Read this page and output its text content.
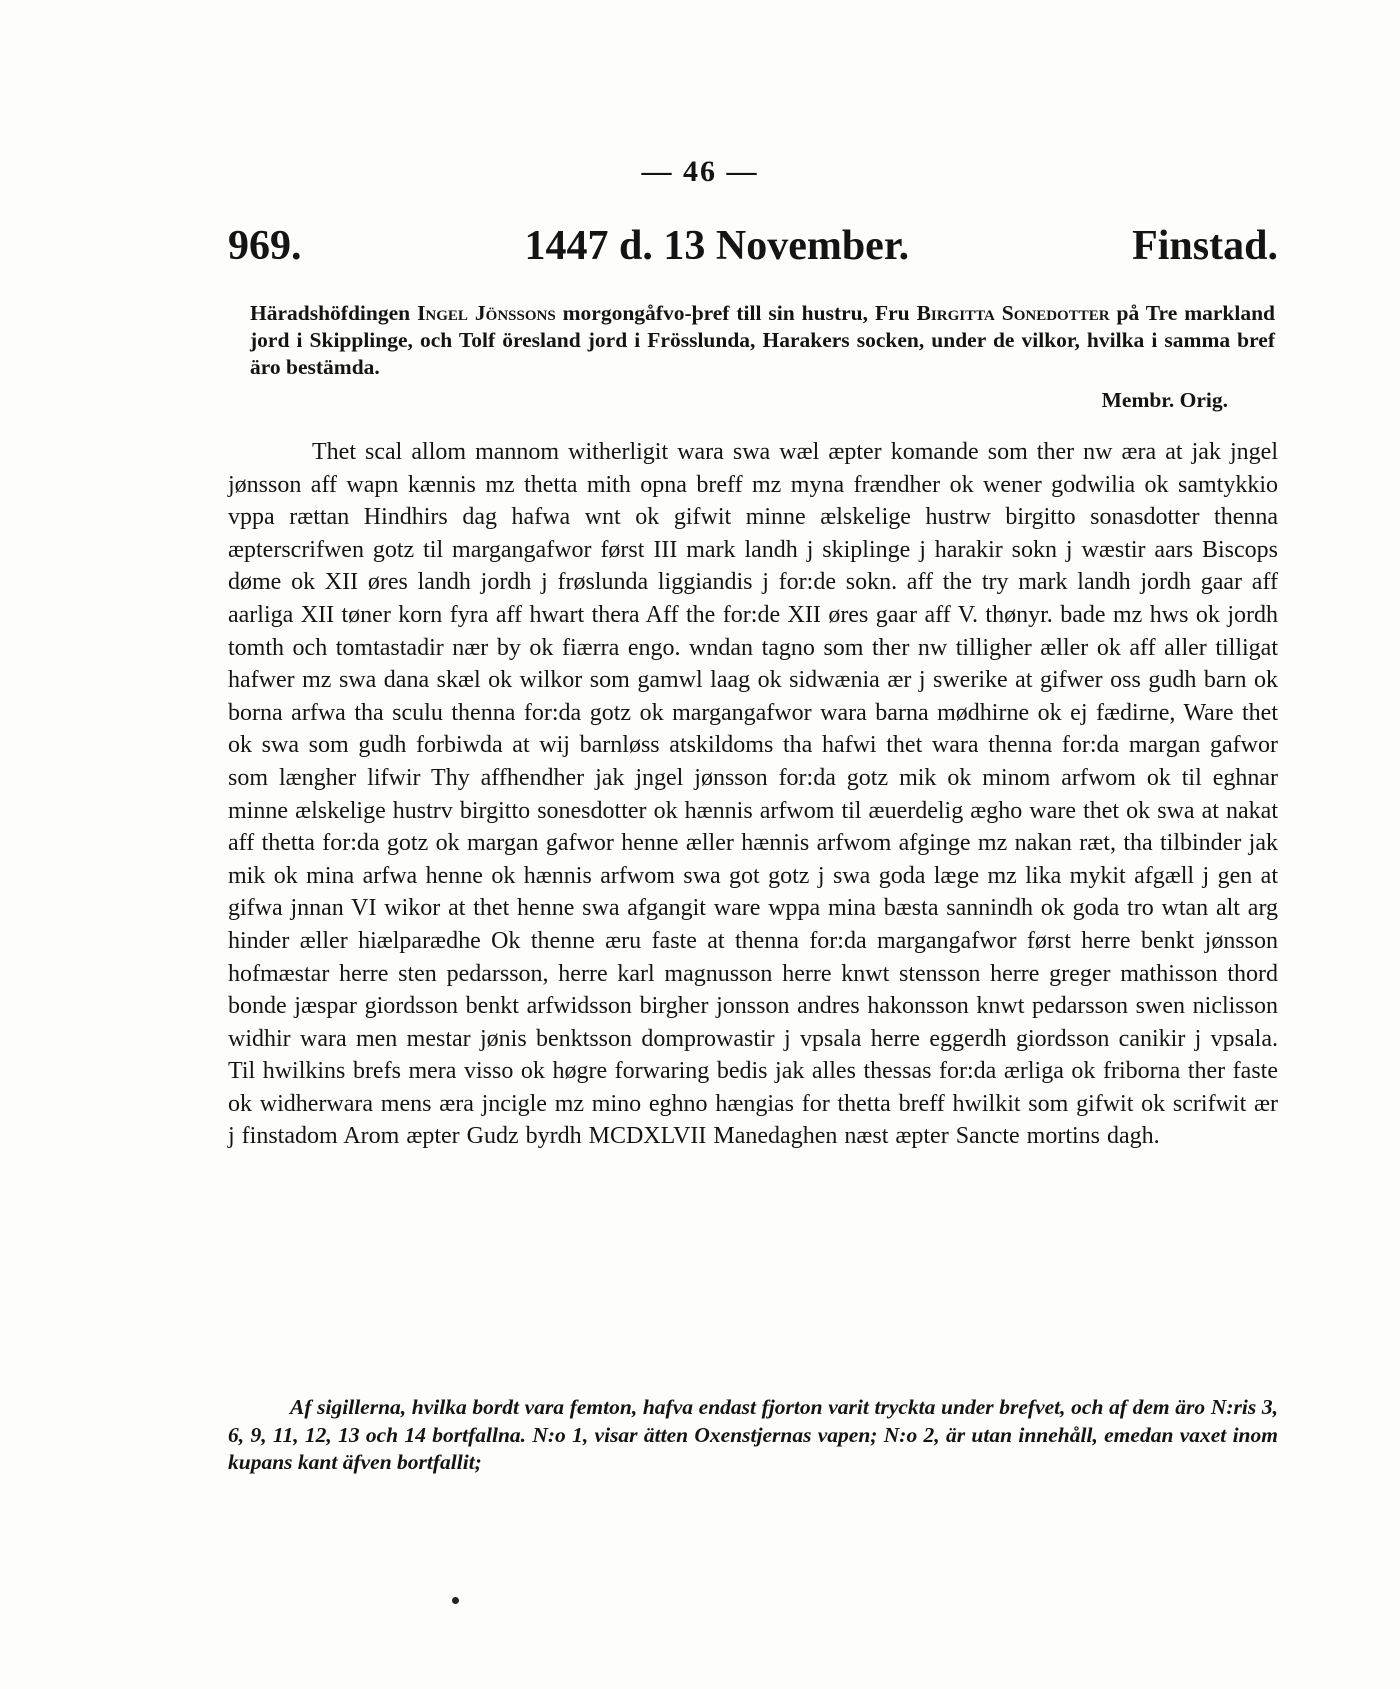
— 46 —
969.	1447 d. 13 November.	Finstad.
Häradshöfdingen Ingel Jönssons morgongåfvo-þref till sin hustru, Fru Birgitta Sonedotter på Tre markland jord i Skipplinge, och Tolf öresland jord i Frösslunda, Harakers socken, under de vilkor, hvilka i samma bref äro bestämda.
Membr. Orig.
Thet scal allom mannom witherligit wara swa wæl æpter komande som ther nw æra at jak jngel jønsson aff wapn kænnis mz thetta mith opna breff mz myna frændher ok wener godwilia ok samtykkio vppa rættan Hindhirs dag hafwa wnt ok gifwit minne ælskelige hustrw birgitto sonasdotter thenna æpterscrifwen gotz til margangafwor først III mark landh j skiplinge j harakir sokn j wæstir aars Biscops døme ok XII øres landh jordh j frøslunda liggiandis j for:de sokn. aff the try mark landh jordh gaar aff aarliga XII tøner korn fyra aff hwart thera Aff the for:de XII øres gaar aff V. thønyr. bade mz hws ok jordh tomth och tomtastadir nær by ok fiærra engo. wndan tagno som ther nw tilligher æller ok aff aller tilligat hafwer mz swa dana skæl ok wilkor som gamwl laag ok sidwænia ær j swerike at gifwer oss gudh barn ok borna arfwa tha sculu thenna for:da gotz ok margangafwor wara barna mødhirne ok ej fædirne, Ware thet ok swa som gudh forbiwda at wij barnløss atskildoms tha hafwi thet wara thenna for:da margan gafwor som længher lifwir Thy affhendher jak jngel jønsson for:da gotz mik ok minom arfwom ok til eghnar minne ælskelige hustrv birgitto sonesdotter ok hænnis arfwom til æuerdelig ægho ware thet ok swa at nakat aff thetta for:da gotz ok margan gafwor henne æller hænnis arfwom afginge mz nakan ræt, tha tilbinder jak mik ok mina arfwa henne ok hænnis arfwom swa got gotz j swa goda læge mz lika mykit afgæll j gen at gifwa jnnan VI wikor at thet henne swa afgangit ware wppa mina bæsta sannindh ok goda tro wtan alt arg hinder æller hiælparædhe Ok thenne æru faste at thenna for:da margangafwor først herre benkt jønsson hofmæstar herre sten pedarsson, herre karl magnusson herre knwt stensson herre greger mathisson thord bonde jæspar giordsson benkt arfwidsson birgher jonsson andres hakonsson knwt pedarsson swen niclisson widhir wara men mestar jønis benktsson domprowastir j vpsala herre eggerdh giordsson canikir j vpsala. Til hwilkins brefs mera visso ok høgre forwaring bedis jak alles thessas for:da ærliga ok friborna ther faste ok widherwara mens æra jncigle mz mino eghno hængias for thetta breff hwilkit som gifwit ok scrifwit ær j finstadom Arom æpter Gudz byrdh MCDXLVII Manedaghen næst æpter Sancte mortins dagh.
Af sigillerna, hvilka bordt vara femton, hafva endast fjorton varit tryckta under brefvet, och af dem äro N:ris 3, 6, 9, 11, 12, 13 och 14 bortfallna. N:o 1, visar ätten Oxenstjernas vapen; N:o 2, är utan innehåll, emedan vaxet inom kupans kant äfven bortfallit;
